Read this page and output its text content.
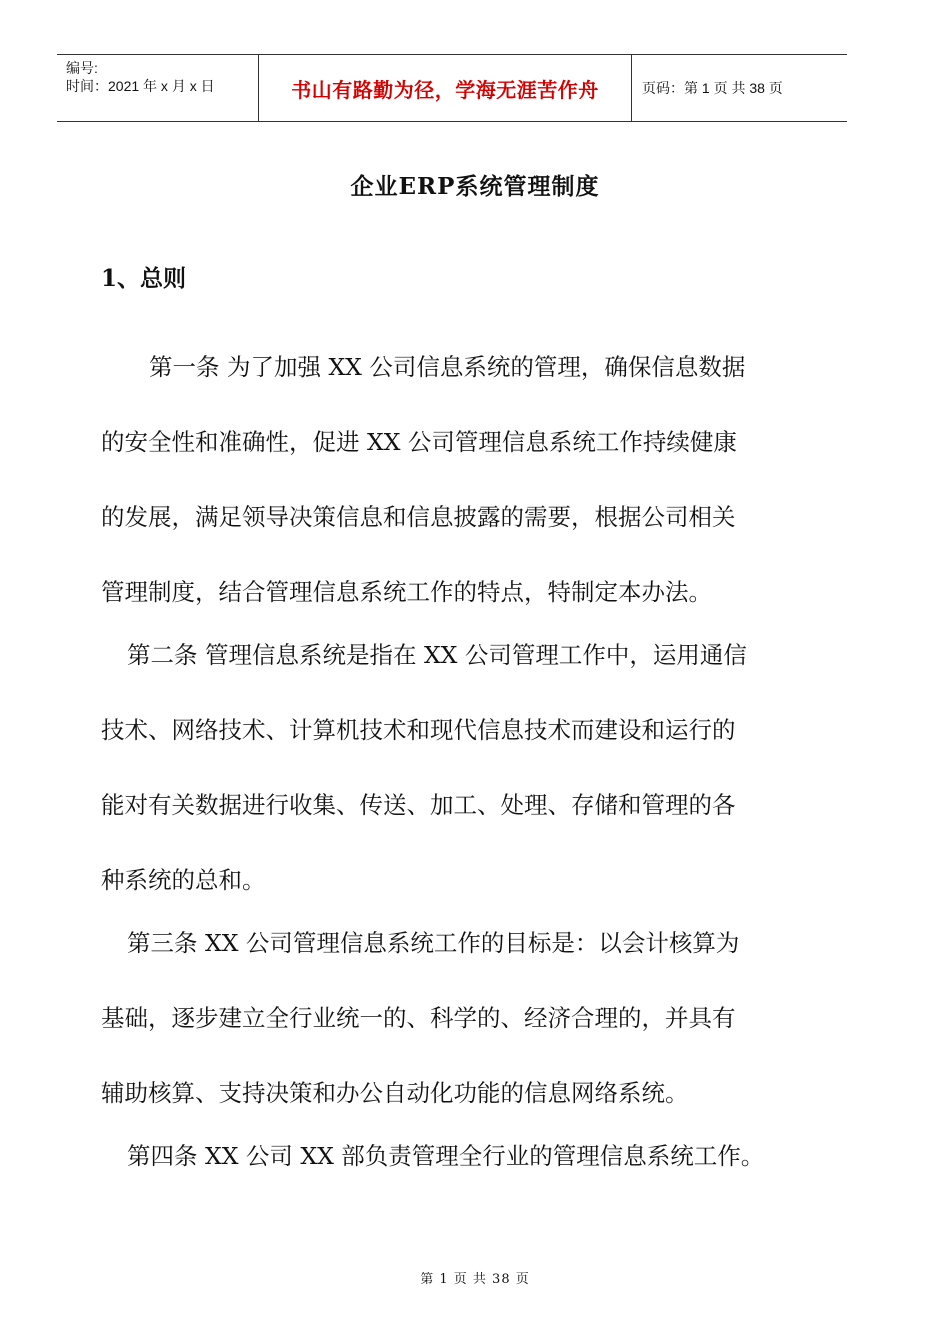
编号:
时间：2021 年 x 月 x 日	书山有路勤为径，学海无涯苦作舟	页码：第 1 页 共 38 页
企业ERP系统管理制度
1、总则
第一条 为了加强 XX 公司信息系统的管理，确保信息数据
的安全性和准确性，促进 XX 公司管理信息系统工作持续健康
的发展，满足领导决策信息和信息披露的需要，根据公司相关
管理制度，结合管理信息系统工作的特点，特制定本办法。
第二条 管理信息系统是指在 XX 公司管理工作中，运用通信
技术、网络技术、计算机技术和现代信息技术而建设和运行的
能对有关数据进行收集、传送、加工、处理、存储和管理的各
种系统的总和。
第三条 XX 公司管理信息系统工作的目标是：以会计核算为
基础，逐步建立全行业统一的、科学的、经济合理的，并具有
辅助核算、支持决策和办公自动化功能的信息网络系统。
第四条 XX 公司 XX 部负责管理全行业的管理信息系统工作。
第 1 页 共 38 页
